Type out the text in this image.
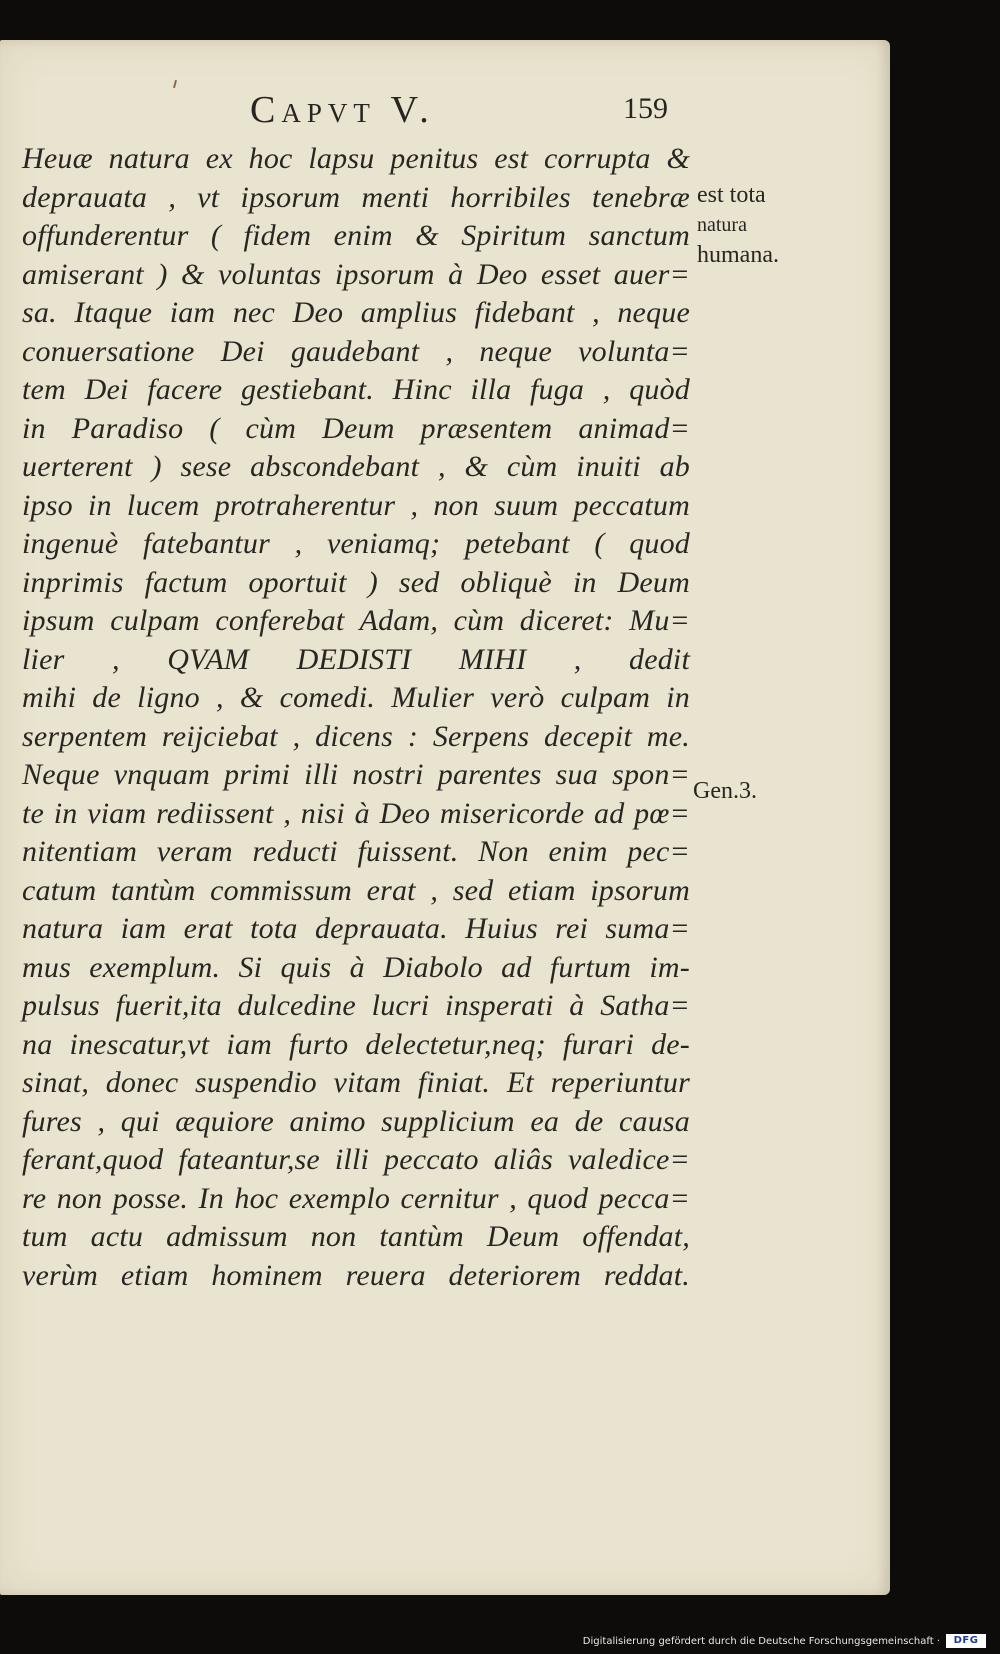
Capvt V.	159
Heuæ natura ex hoc lapsu penitus est corrupta &
deprauata , vt ipsorum menti horribiles tenebræ
offunderentur ( fidem enim & Spiritum sanctum
amiserant ) & voluntas ipsorum à Deo esset auer=
sa. Itaque iam nec Deo amplius fidebant , neque
conuersatione Dei gaudebant , neque volunta=
tem Dei facere gestiebant. Hinc illa fuga , quòd
in Paradiso ( cùm Deum præsentem animad=
uerterent ) sese abscondebant , & cùm inuiti ab
ipso in lucem protraherentur , non suum peccatum
ingenuè fatebantur , veniamq; petebant ( quod
inprimis factum oportuit ) sed obliquè in Deum
ipsum culpam conferebat Adam, cùm diceret: Mu=
lier , QVAM DEDISTI MIHI , dedit
mihi de ligno , & comedi. Mulier verò culpam in
serpentem reijciebat , dicens : Serpens decepit me.
Neque vnquam primi illi nostri parentes sua spon=
te in viam rediissent , nisi à Deo misericorde ad pœ=
nitentiam veram reducti fuissent. Non enim pec=
catum tantùm commissum erat , sed etiam ipsorum
natura iam erat tota deprauata. Huius rei suma=
mus exemplum. Si quis à Diabolo ad furtum im-
pulsus fuerit,ita dulcedine lucri insperati à Satha=
na inescatur,vt iam furto delectetur,neq; furari de-
sinat, donec suspendio vitam finiat. Et reperiuntur
fures , qui æquiore animo supplicium ea de causa
ferant,quod fateantur,se illi peccato aliâs valedice=
re non posse. In hoc exemplo cernitur , quod pecca=
tum actu admissum non tantùm Deum offendat,
verùm etiam hominem reuera deteriorem reddat.
est tota
natura
humana.
Gen.3.
Digitalisierung gefördert durch die Deutsche Forschungsgemeinschaft ·	DFG
